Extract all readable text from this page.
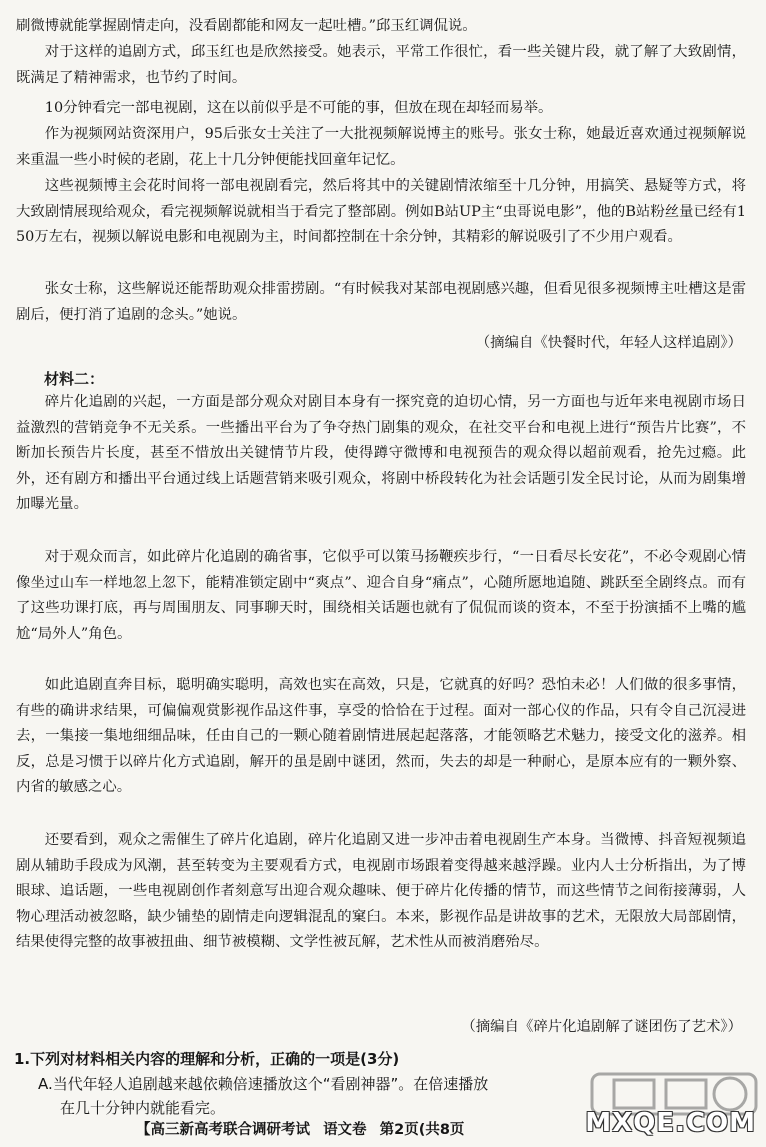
刷微博就能掌握剧情走向，没看剧都能和网友一起吐槽。”邱玉红调侃说。

对于这样的追剧方式，邱玉红也是欣然接受。她表示，平常工作很忙，看一些关键片段，就了解了大致剧情，既满足了精神需求，也节约了时间。

10分钟看完一部电视剧，这在以前似乎是不可能的事，但放在现在却轻而易举。

作为视频网站资深用户，95后张女士关注了一大批视频解说博主的账号。张女士称，她最近喜欢通过视频解说来重温一些小时候的老剧，花上十几分钟便能找回童年记忆。

这些视频博主会花时间将一部电视剧看完，然后将其中的关键剧情浓缩至十几分钟，用搞笑、悬疑等方式，将大致剧情展现给观众，看完视频解说就相当于看完了整部剧。例如B站UP主“虫哥说电影”，他的B站粉丝量已经有150万左右，视频以解说电影和电视剧为主，时间都控制在十余分钟，其精彩的解说吸引了不少用户观看。

张女士称，这些解说还能帮助观众排雷捞剧。“有时候我对某部电视剧感兴趣，但看见很多视频博主吐槽这是雷剧后，便打消了追剧的念头。”她说。

（摘编自《快餐时代，年轻人这样追剧》）
材料二：

碎片化追剧的兴起，一方面是部分观众对剧目本身有一探究竟的迫切心情，另一方面也与近年来电视剧市场日益激烈的营销竞争不无关系。一些播出平台为了争夺热门剧集的观众，在社交平台和电视上进行“预告片比赛”，不断加长预告片长度，甚至不惜放出关键情节片段，使得蹲守微博和电视预告的观众得以超前观看，抢先过瘾。此外，还有剧方和播出平台通过线上话题营销来吸引观众，将剧中桥段转化为社会话题引发全民讨论，从而为剧集增加曝光量。

对于观众而言，如此碎片化追剧的确省事，它似乎可以策马扬鞭疾步行，“一日看尽长安花”，不必令观剧心情像坐过山车一样地忽上忽下，能精准锁定剧中“爽点”、迎合自身“痛点”，心随所愿地追随、跳跃至全剧终点。而有了这些功课打底，再与周围朋友、同事聊天时，围绕相关话题也就有了侃侃而谈的资本，不至于扮演插不上嘴的尴尬“局外人”角色。

如此追剧直奔目标，聪明确实聪明，高效也实在高效，只是，它就真的好吗？恐怕未必！人们做的很多事情，有些的确讲求结果，可偏偏观赏影视作品这件事，享受的恰恰在于过程。面对一部心仪的作品，只有令自己沉浸进去，一集接一集地细细品味，任由自己的一颗心随着剧情进展起起落落，才能领略艺术魅力，接受文化的滋养。相反，总是习惯于以碎片化方式追剧，解开的虽是剧中谜团，然而，失去的却是一种耐心，是原本应有的一颗外察、内省的敏感之心。

还要看到，观众之需催生了碎片化追剧，碎片化追剧又进一步冲击着电视剧生产本身。当微博、抖音短视频追剧从辅助手段成为风潮，甚至转变为主要观看方式，电视剧市场跟着变得越来越浮躁。业内人士分析指出，为了博眼球、追话题，一些电视剧创作者刻意写出迎合观众趣味、便于碎片化传播的情节，而这些情节之间衔接薄弱，人物心理活动被忽略，缺少铺垫的剧情走向逻辑混乱的窠臼。本来，影视作品是讲故事的艺术，无限放大局部剧情，结果使得完整的故事被扭曲、细节被模糊、文学性被瓦解，艺术性从而被消磨殆尽。

（摘编自《碎片化追剧解了谜团伤了艺术》）
1.下列对材料相关内容的理解和分析，正确的一项是(3分)
A.当代年轻人追剧越来越依赖倍速播放这个“看剧神器”。在倍速播放
在几十分钟内就能看完。
【高三新高考联合调研考试 语文卷 第2页(共8页	MXQE.COM
